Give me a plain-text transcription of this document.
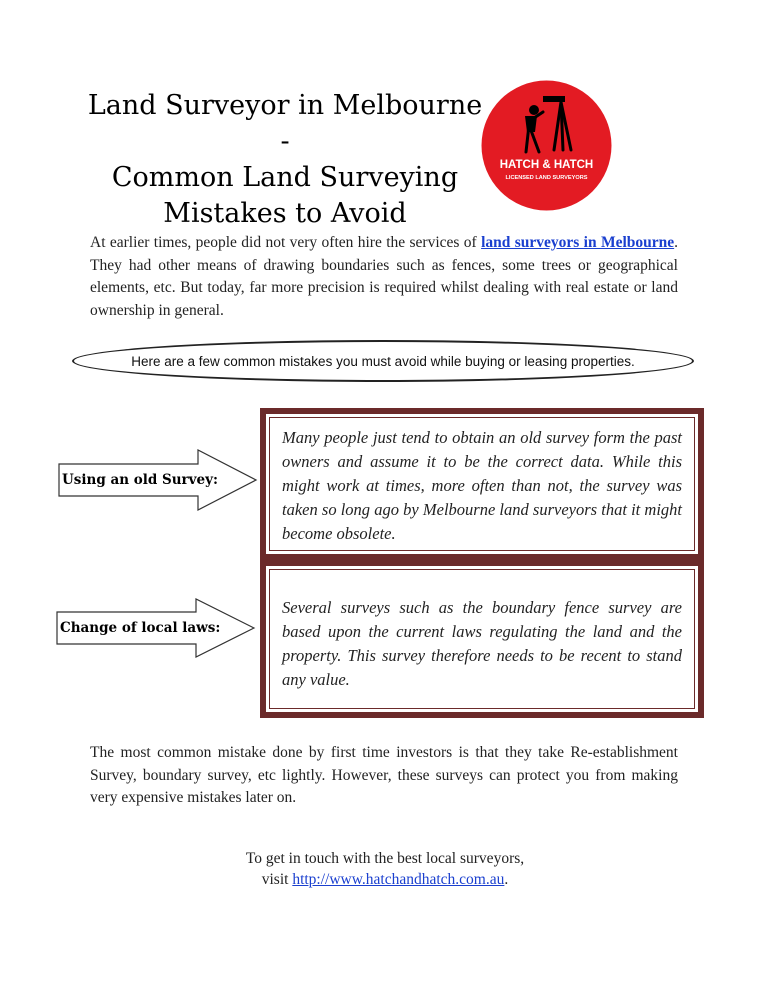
Land Surveyor in Melbourne -
Common Land Surveying
Mistakes to Avoid
HATCH & HATCH
LICENSED LAND SURVEYORS
At earlier times, people did not very often hire the services of land surveyors in Melbourne. They had other means of drawing boundaries such as fences, some trees or geographical elements, etc. But today, far more precision is required whilst dealing with real estate or land ownership in general.
Here are a few common mistakes you must avoid while buying or leasing properties.
Using an old Survey:
Change of local laws:
Many people just tend to obtain an old survey form the past owners and assume it to be the correct data. While this might work at times, more often than not, the survey was taken so long ago by Melbourne land surveyors that it might become obsolete.
Several surveys such as the boundary fence survey are based upon the current laws regulating the land and the property. This survey therefore needs to be recent to stand any value.
The most common mistake done by first time investors is that they take Re-establishment Survey, boundary survey, etc lightly. However, these surveys can protect you from making very expensive mistakes later on.
To get in touch with the best local surveyors,
visit http://www.hatchandhatch.com.au.
